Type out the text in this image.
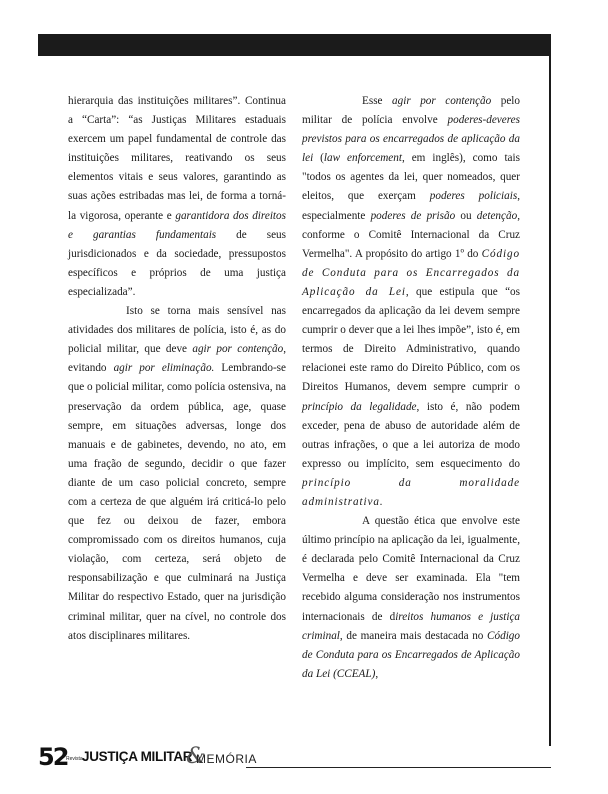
hierarquia das instituições militares”. Continua a “Carta”: “as Justiças Militares estaduais exercem um papel fundamental de controle das instituições militares, reativando os seus elementos vitais e seus valores, garantindo as suas ações estribadas mas lei, de forma a torná-la vigorosa, operante e garantidora dos direitos e garantias fundamentais de seus jurisdicionados e da sociedade, pressupostos específicos e próprios de uma justiça especializada”.

Isto se torna mais sensível nas atividades dos militares de polícia, isto é, as do policial militar, que deve agir por contenção, evitando agir por eliminação. Lembrando-se que o policial militar, como polícia ostensiva, na preservação da ordem pública, age, quase sempre, em situações adversas, longe dos manuais e de gabinetes, devendo, no ato, em uma fração de segundo, decidir o que fazer diante de um caso policial concreto, sempre com a certeza de que alguém irá criticá-lo pelo que fez ou deixou de fazer, embora compromissado com os direitos humanos, cuja violação, com certeza, será objeto de responsabilização e que culminará na Justiça Militar do respectivo Estado, quer na jurisdição criminal militar, quer na cível, no controle dos atos disciplinares militares.

Esse agir por contenção pelo militar de polícia envolve poderes-deveres previstos para os encarregados de aplicação da lei (law enforcement, em inglês), como tais "todos os agentes da lei, quer nomeados, quer eleitos, que exerçam poderes policiais, especialmente poderes de prisão ou detenção, conforme o Comitê Internacional da Cruz Vermelha". A propósito do artigo 1º do Código de Conduta para os Encarregados da Aplicação da Lei, que estipula que “os encarregados da aplicação da lei devem sempre cumprir o dever que a lei lhes impõe”, isto é, em termos de Direito Administrativo, quando relacionei este ramo do Direito Público, com os Direitos Humanos, devem sempre cumprir o princípio da legalidade, isto é, não podem exceder, pena de abuso de autoridade além de outras infrações, o que a lei autoriza de modo expresso ou implícito, sem esquecimento do princípio da moralidade administrativa.

A questão ética que envolve este último princípio na aplicação da lei, igualmente, é declarada pelo Comitê Internacional da Cruz Vermelha e deve ser examinada. Ela "tem recebido alguma consideração nos instrumentos internacionais de direitos humanos e justiça criminal, de maneira mais destacada no Código de Conduta para os Encarregados de Aplicação da Lei (CCEAL),

52
Revista JUSTIÇA MILITAR
&
MEMÓRIA
